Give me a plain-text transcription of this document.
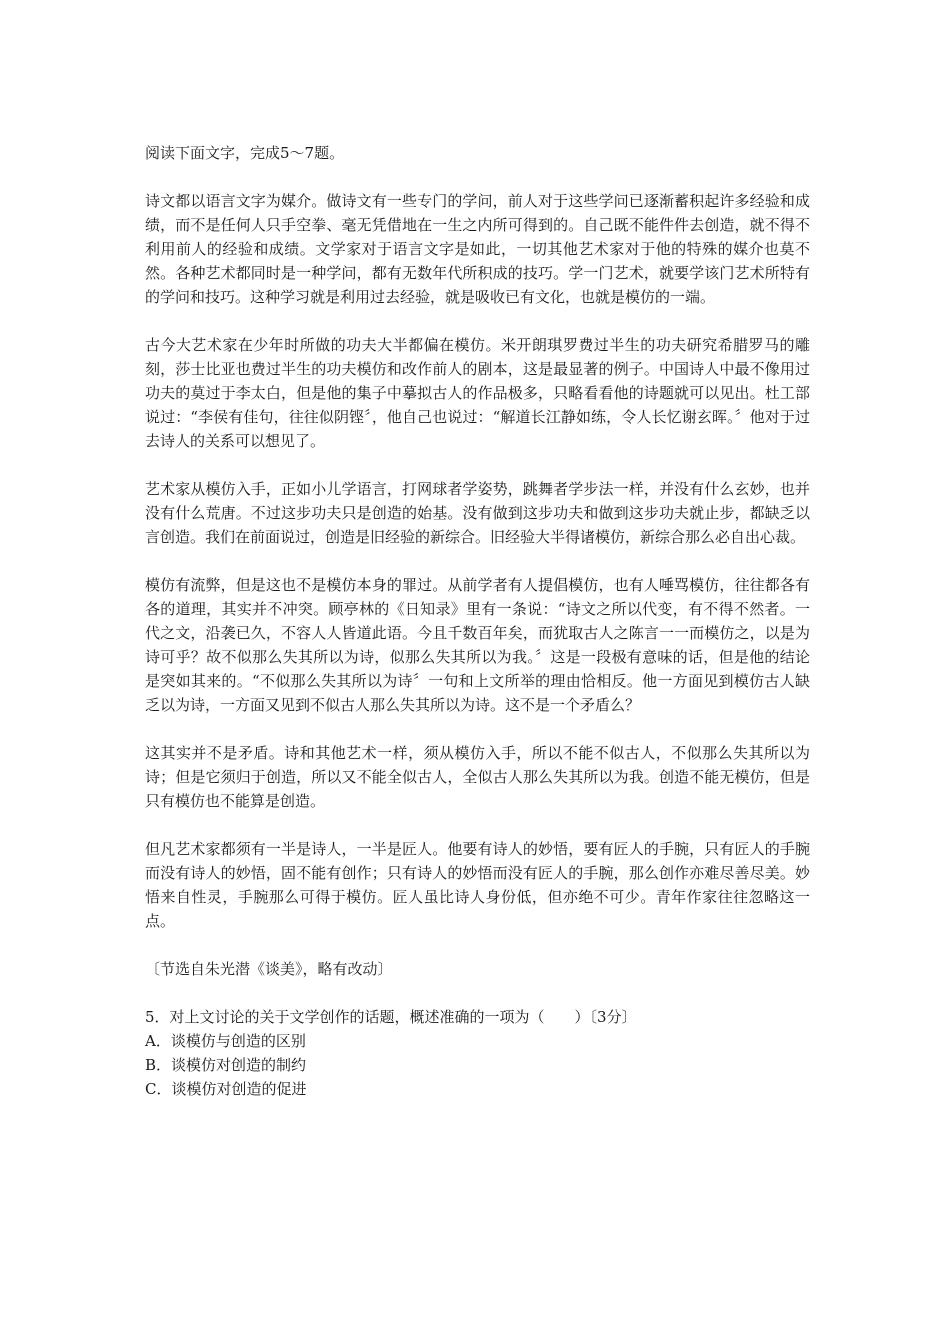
阅读下面文字，完成5～7题。

诗文都以语言文字为媒介。做诗文有一些专门的学问，前人对于这些学问已逐渐蓄积起许多经验和成绩，而不是任何人只手空拳、毫无凭借地在一生之内所可得到的。自己既不能件件去创造，就不得不利用前人的经验和成绩。文学家对于语言文字是如此，一切其他艺术家对于他的特殊的媒介也莫不然。各种艺术都同时是一种学问，都有无数年代所积成的技巧。学一门艺术，就要学该门艺术所特有的学问和技巧。这种学习就是利用过去经验，就是吸收已有文化，也就是模仿的一端。

古今大艺术家在少年时所做的功夫大半都偏在模仿。米开朗琪罗费过半生的功夫研究希腊罗马的雕刻，莎士比亚也费过半生的功夫模仿和改作前人的剧本，这是最显著的例子。中国诗人中最不像用过功夫的莫过于李太白，但是他的集子中摹拟古人的作品极多，只略看看他的诗题就可以见出。杜工部说过：“李侯有佳句，往往似阴铿〞，他自己也说过：“解道长江静如练，令人长忆谢玄晖。〞他对于过去诗人的关系可以想见了。

艺术家从模仿入手，正如小儿学语言，打网球者学姿势，跳舞者学步法一样，并没有什么玄妙，也并没有什么荒唐。不过这步功夫只是创造的始基。没有做到这步功夫和做到这步功夫就止步，都缺乏以言创造。我们在前面说过，创造是旧经验的新综合。旧经验大半得诸模仿，新综合那么必自出心裁。

模仿有流弊，但是这也不是模仿本身的罪过。从前学者有人提倡模仿，也有人唾骂模仿，往往都各有各的道理，其实并不冲突。顾亭林的《日知录》里有一条说：“诗文之所以代变，有不得不然者。一代之文，沿袭已久，不容人人皆道此语。今且千数百年矣，而犹取古人之陈言一一而模仿之，以是为诗可乎？故不似那么失其所以为诗，似那么失其所以为我。〞这是一段极有意味的话，但是他的结论是突如其来的。“不似那么失其所以为诗〞一句和上文所举的理由恰相反。他一方面见到模仿古人缺乏以为诗，一方面又见到不似古人那么失其所以为诗。这不是一个矛盾么？

这其实并不是矛盾。诗和其他艺术一样，须从模仿入手，所以不能不似古人，不似那么失其所以为诗；但是它须归于创造，所以又不能全似古人，全似古人那么失其所以为我。创造不能无模仿，但是只有模仿也不能算是创造。

但凡艺术家都须有一半是诗人，一半是匠人。他要有诗人的妙悟，要有匠人的手腕，只有匠人的手腕而没有诗人的妙悟，固不能有创作；只有诗人的妙悟而没有匠人的手腕，那么创作亦难尽善尽美。妙悟来自性灵，手腕那么可得于模仿。匠人虽比诗人身份低，但亦绝不可少。青年作家往往忽略这一点。

〔节选自朱光潜《谈美》，略有改动〕

5．对上文讨论的关于文学创作的话题，概述准确的一项为（　　）〔3分〕

A．谈模仿与创造的区别

B．谈模仿对创造的制约

C．谈模仿对创造的促进
